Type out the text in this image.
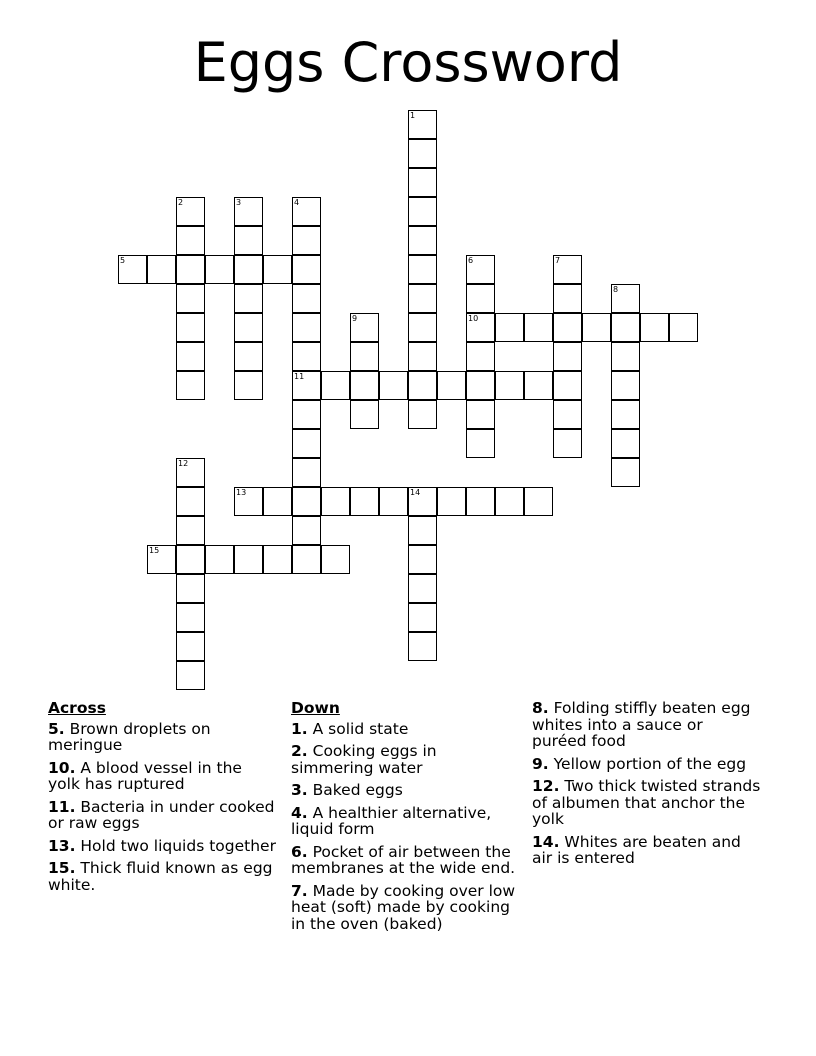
Eggs Crossword
1
2	3	4
11
5	6
10
7
8
9
12
13	14
15
Across
5. Brown droplets on meringue
10. A blood vessel in the yolk has ruptured
11. Bacteria in under cooked or raw eggs
13. Hold two liquids together
15. Thick fluid known as egg white.
Down
1. A solid state
2. Cooking eggs in simmering water
3. Baked eggs
4. A healthier alternative, liquid form
6. Pocket of air between the membranes at the wide end.
7. Made by cooking over low heat (soft) made by cooking in the oven (baked)
8. Folding stiffly beaten egg whites into a sauce or puréed food
9. Yellow portion of the egg
12. Two thick twisted strands of albumen that anchor the yolk
14. Whites are beaten and air is entered
